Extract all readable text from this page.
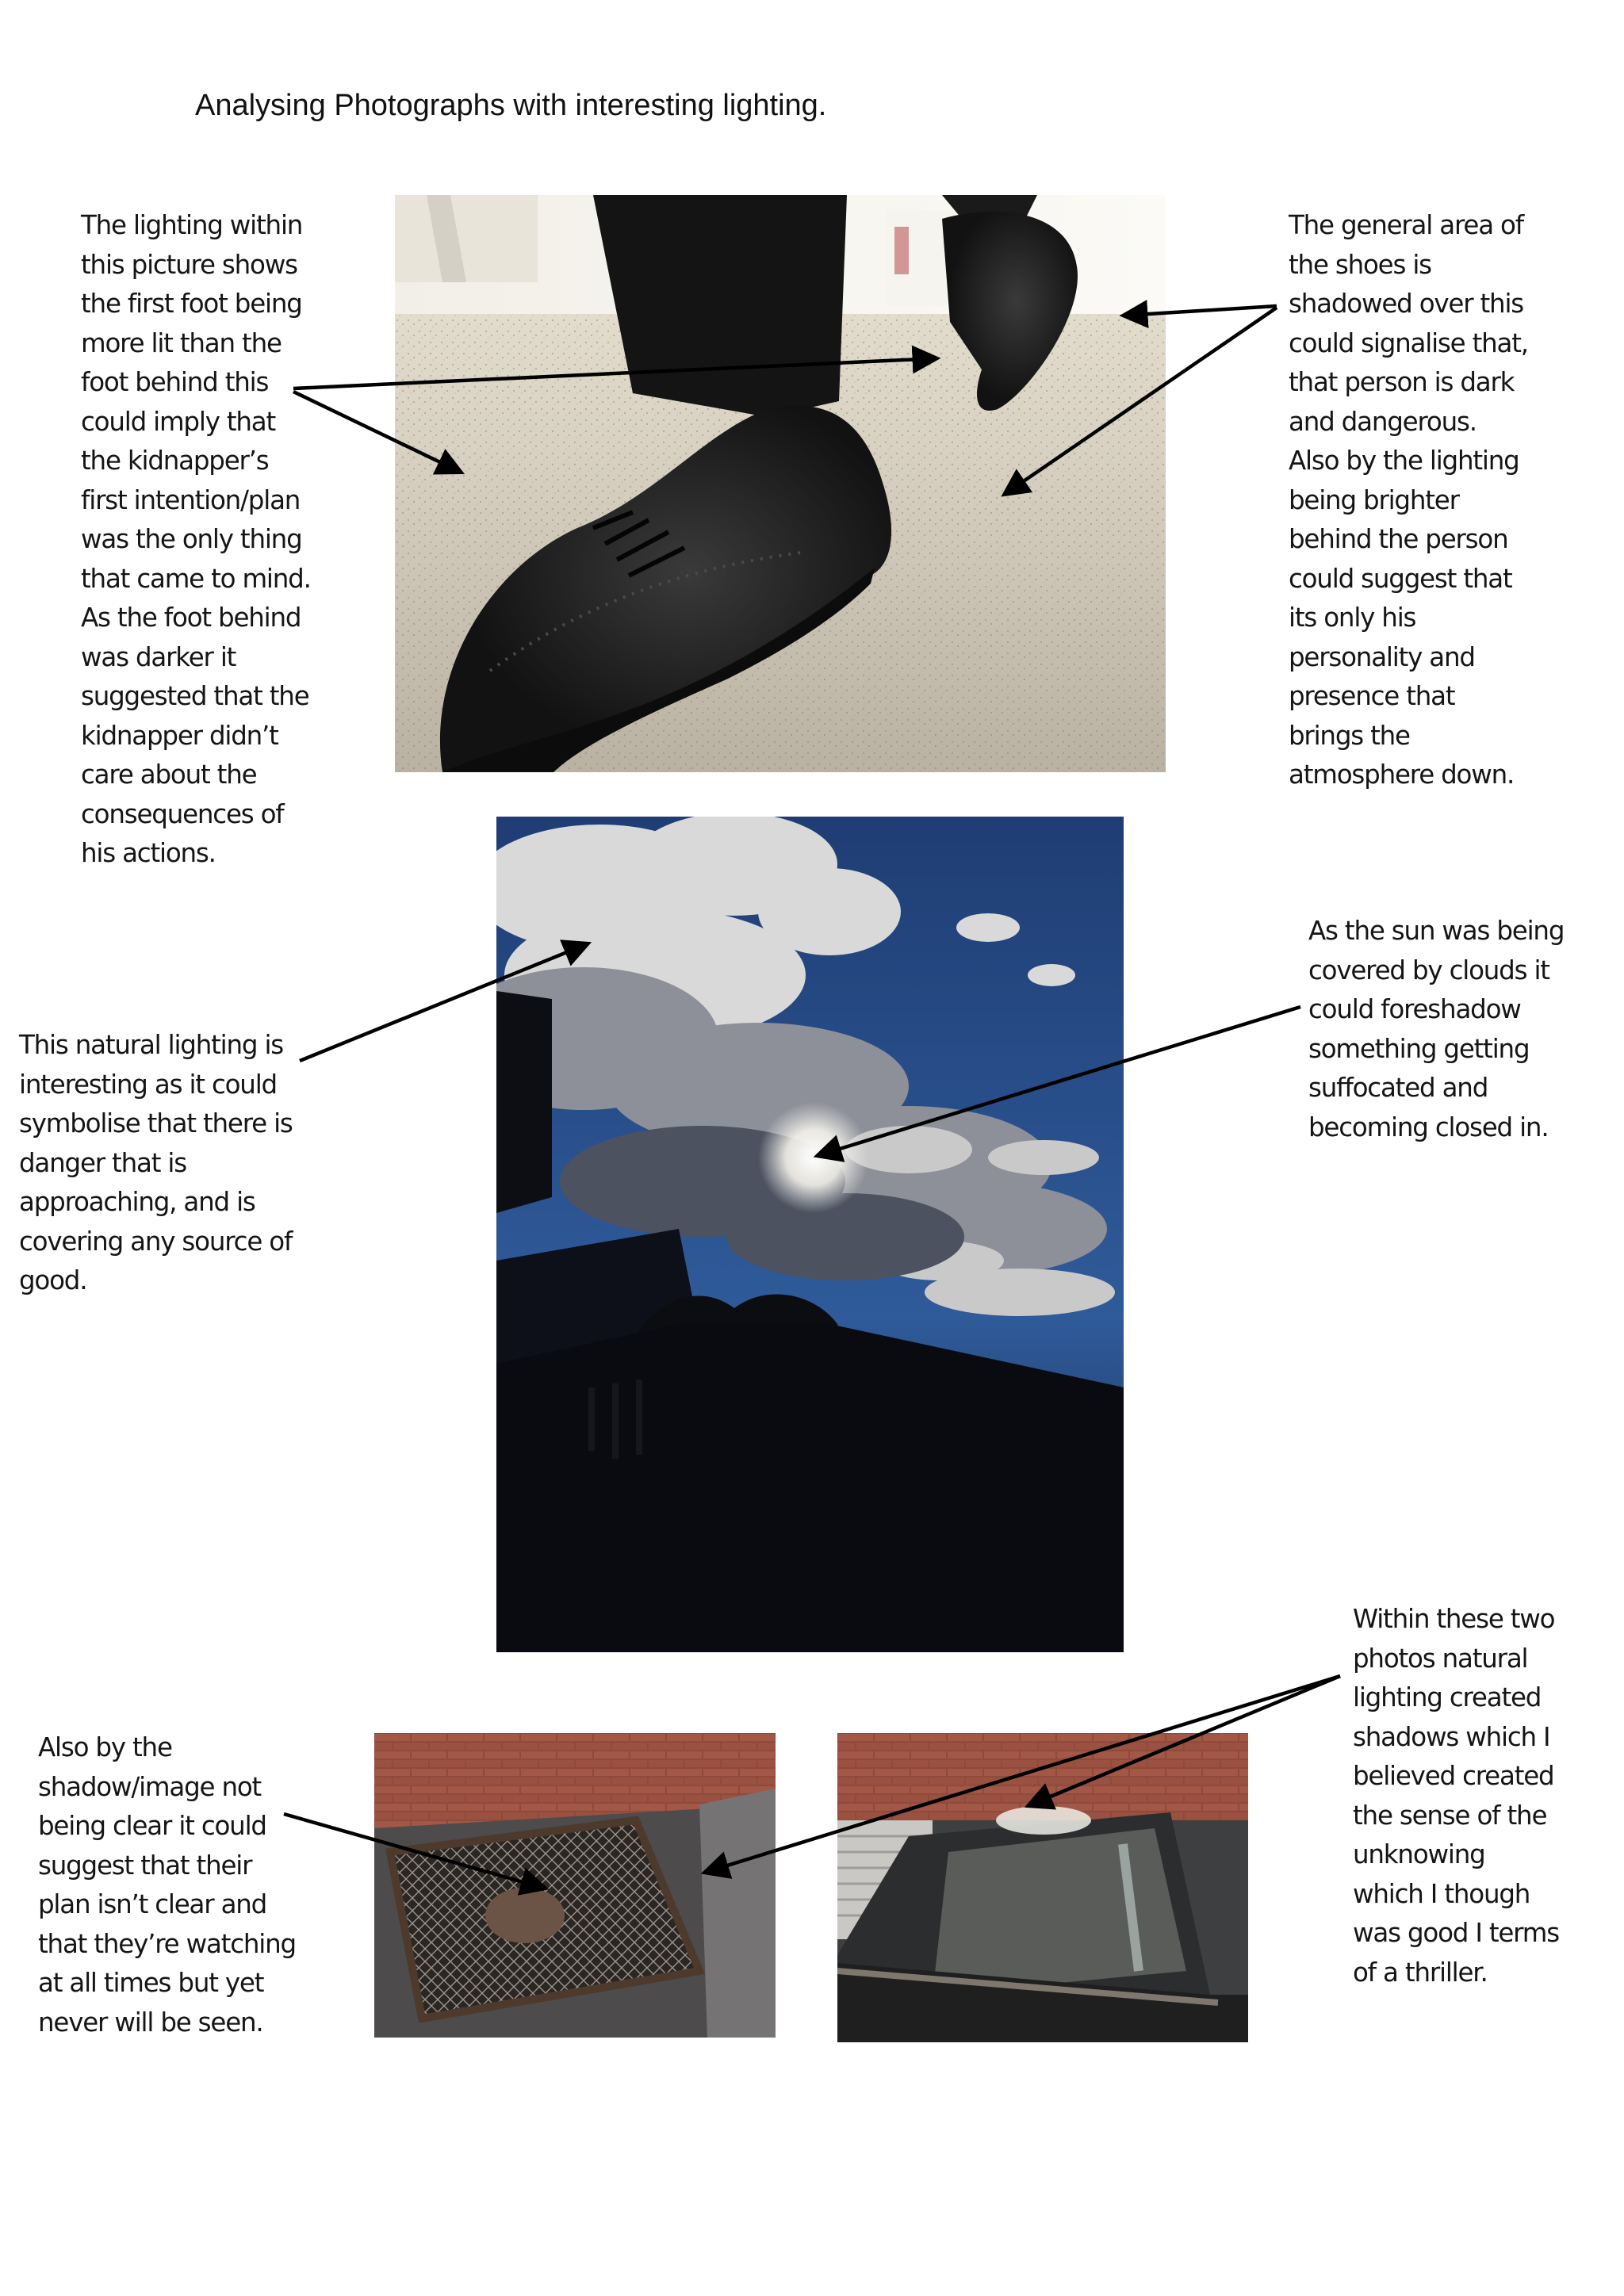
Analysing Photographs with interesting lighting.
The lighting within
this picture shows
the first foot being
more lit than the
foot behind this
could imply that
the kidnapper’s
first intention/plan
was the only thing
that came to mind.
As the foot behind
was darker it
suggested that the
kidnapper didn’t
care about the
consequences of
his actions.
The general area of
the shoes is
shadowed over this
could signalise that,
that person is dark
and dangerous.
Also by the lighting
being brighter
behind the person
could suggest that
its only his
personality and
presence that
brings the
atmosphere down.
This natural lighting is
interesting as it could
symbolise that there is
danger that is
approaching, and is
covering any source of
good.
As the sun was being
covered by clouds it
could foreshadow
something getting
suffocated and
becoming closed in.
Also by the
shadow/image not
being clear it could
suggest that their
plan isn’t clear and
that they’re watching
at all times but yet
never will be seen.
Within these two
photos natural
lighting created
shadows which I
believed created
the sense of the
unknowing
which I though
was good I terms
of a thriller.
